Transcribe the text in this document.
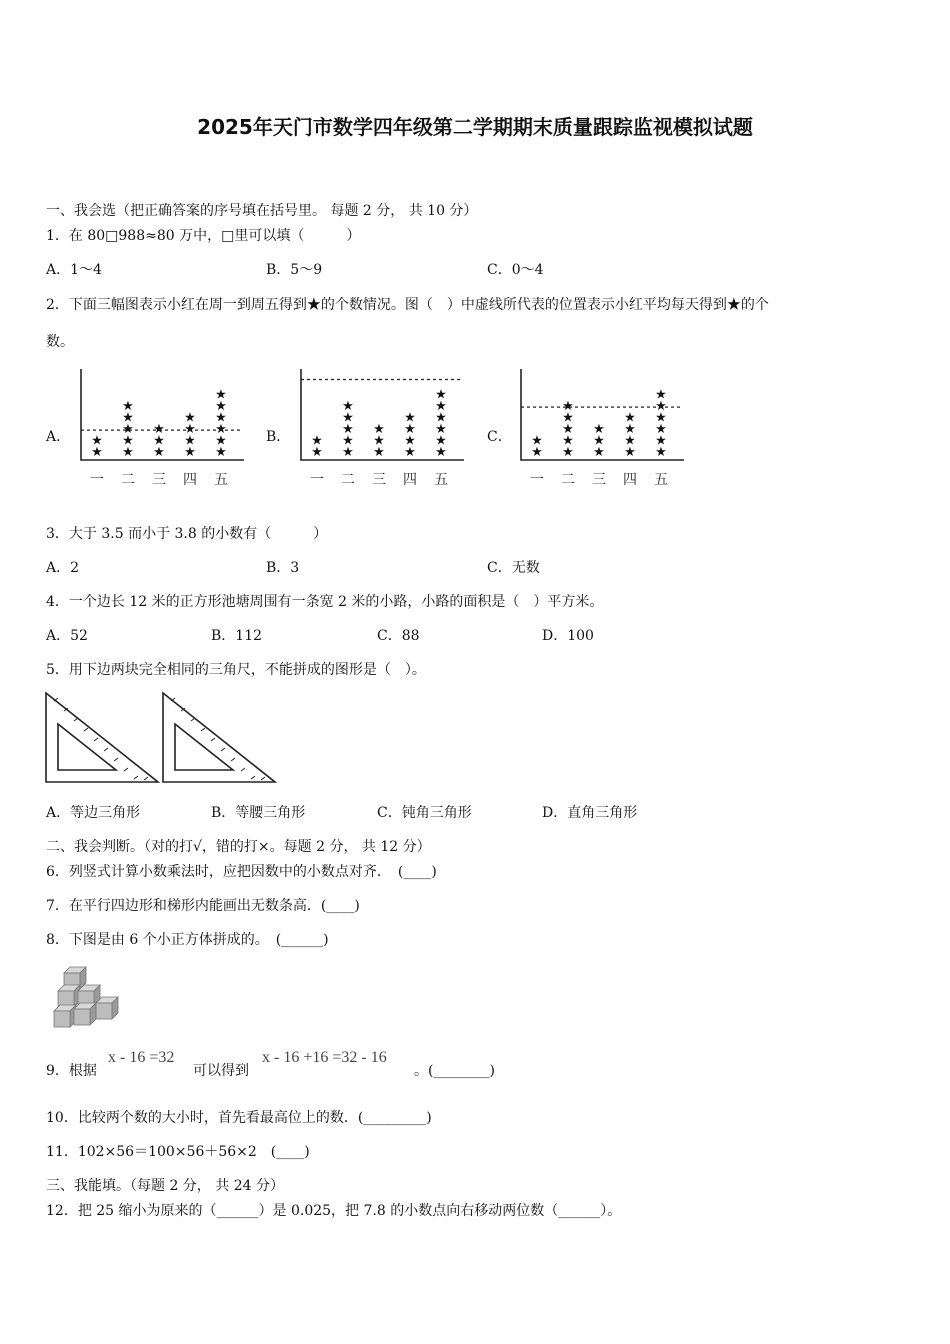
2025年天门市数学四年级第二学期期末质量跟踪监视模拟试题
一、我会选（把正确答案的序号填在括号里。 每题 2 分， 共 10 分）
1．在 80□988≈80 万中，□里可以填（　　　）
A．1～4	B．5～9	C．0～4
2．下面三幅图表示小红在周一到周五得到★的个数情况。图（　）中虚线所代表的位置表示小红平均每天得到★的个
数。
A．	B．	C．
★
★
一
★
★
★
★
★
二
★
★
★
三
★
★
★
★
四
★
★
★
★
★
★
五
★
★
一
★
★
★
★
★
二
★
★
★
三
★
★
★
★
四
★
★
★
★
★
★
五
★
★
一
★
★
★
★
★
二
★
★
★
三
★
★
★
★
四
★
★
★
★
★
★
五
3．大于 3.5 而小于 3.8 的小数有（　　　）
A．2	B．3	C．无数
4．一个边长 12 米的正方形池塘周围有一条宽 2 米的小路，小路的面积是（　）平方米。
A．52	B．112	C．88	D．100
5．用下边两块完全相同的三角尺，不能拼成的图形是（　）。
A．等边三角形	B．等腰三角形	C．钝角三角形	D．直角三角形
二、我会判断。（对的打√，错的打×。每题 2 分， 共 12 分）
6．列竖式计算小数乘法时，应把因数中的小数点对齐．　(____)
7．在平行四边形和梯形内能画出无数条高．(____)
8．下图是由 6 个小正方体拼成的。　(______)
9．根据
x - 16 =32
可以得到
x - 16 +16 =32 - 16
。(________)
10．比较两个数的大小时，首先看最高位上的数．(_________)
11．102×56＝100×56＋56×2　(____)
三、我能填。（每题 2 分， 共 24 分）
12．把 25 缩小为原来的（______）是 0.025，把 7.8 的小数点向右移动两位数（______）。
